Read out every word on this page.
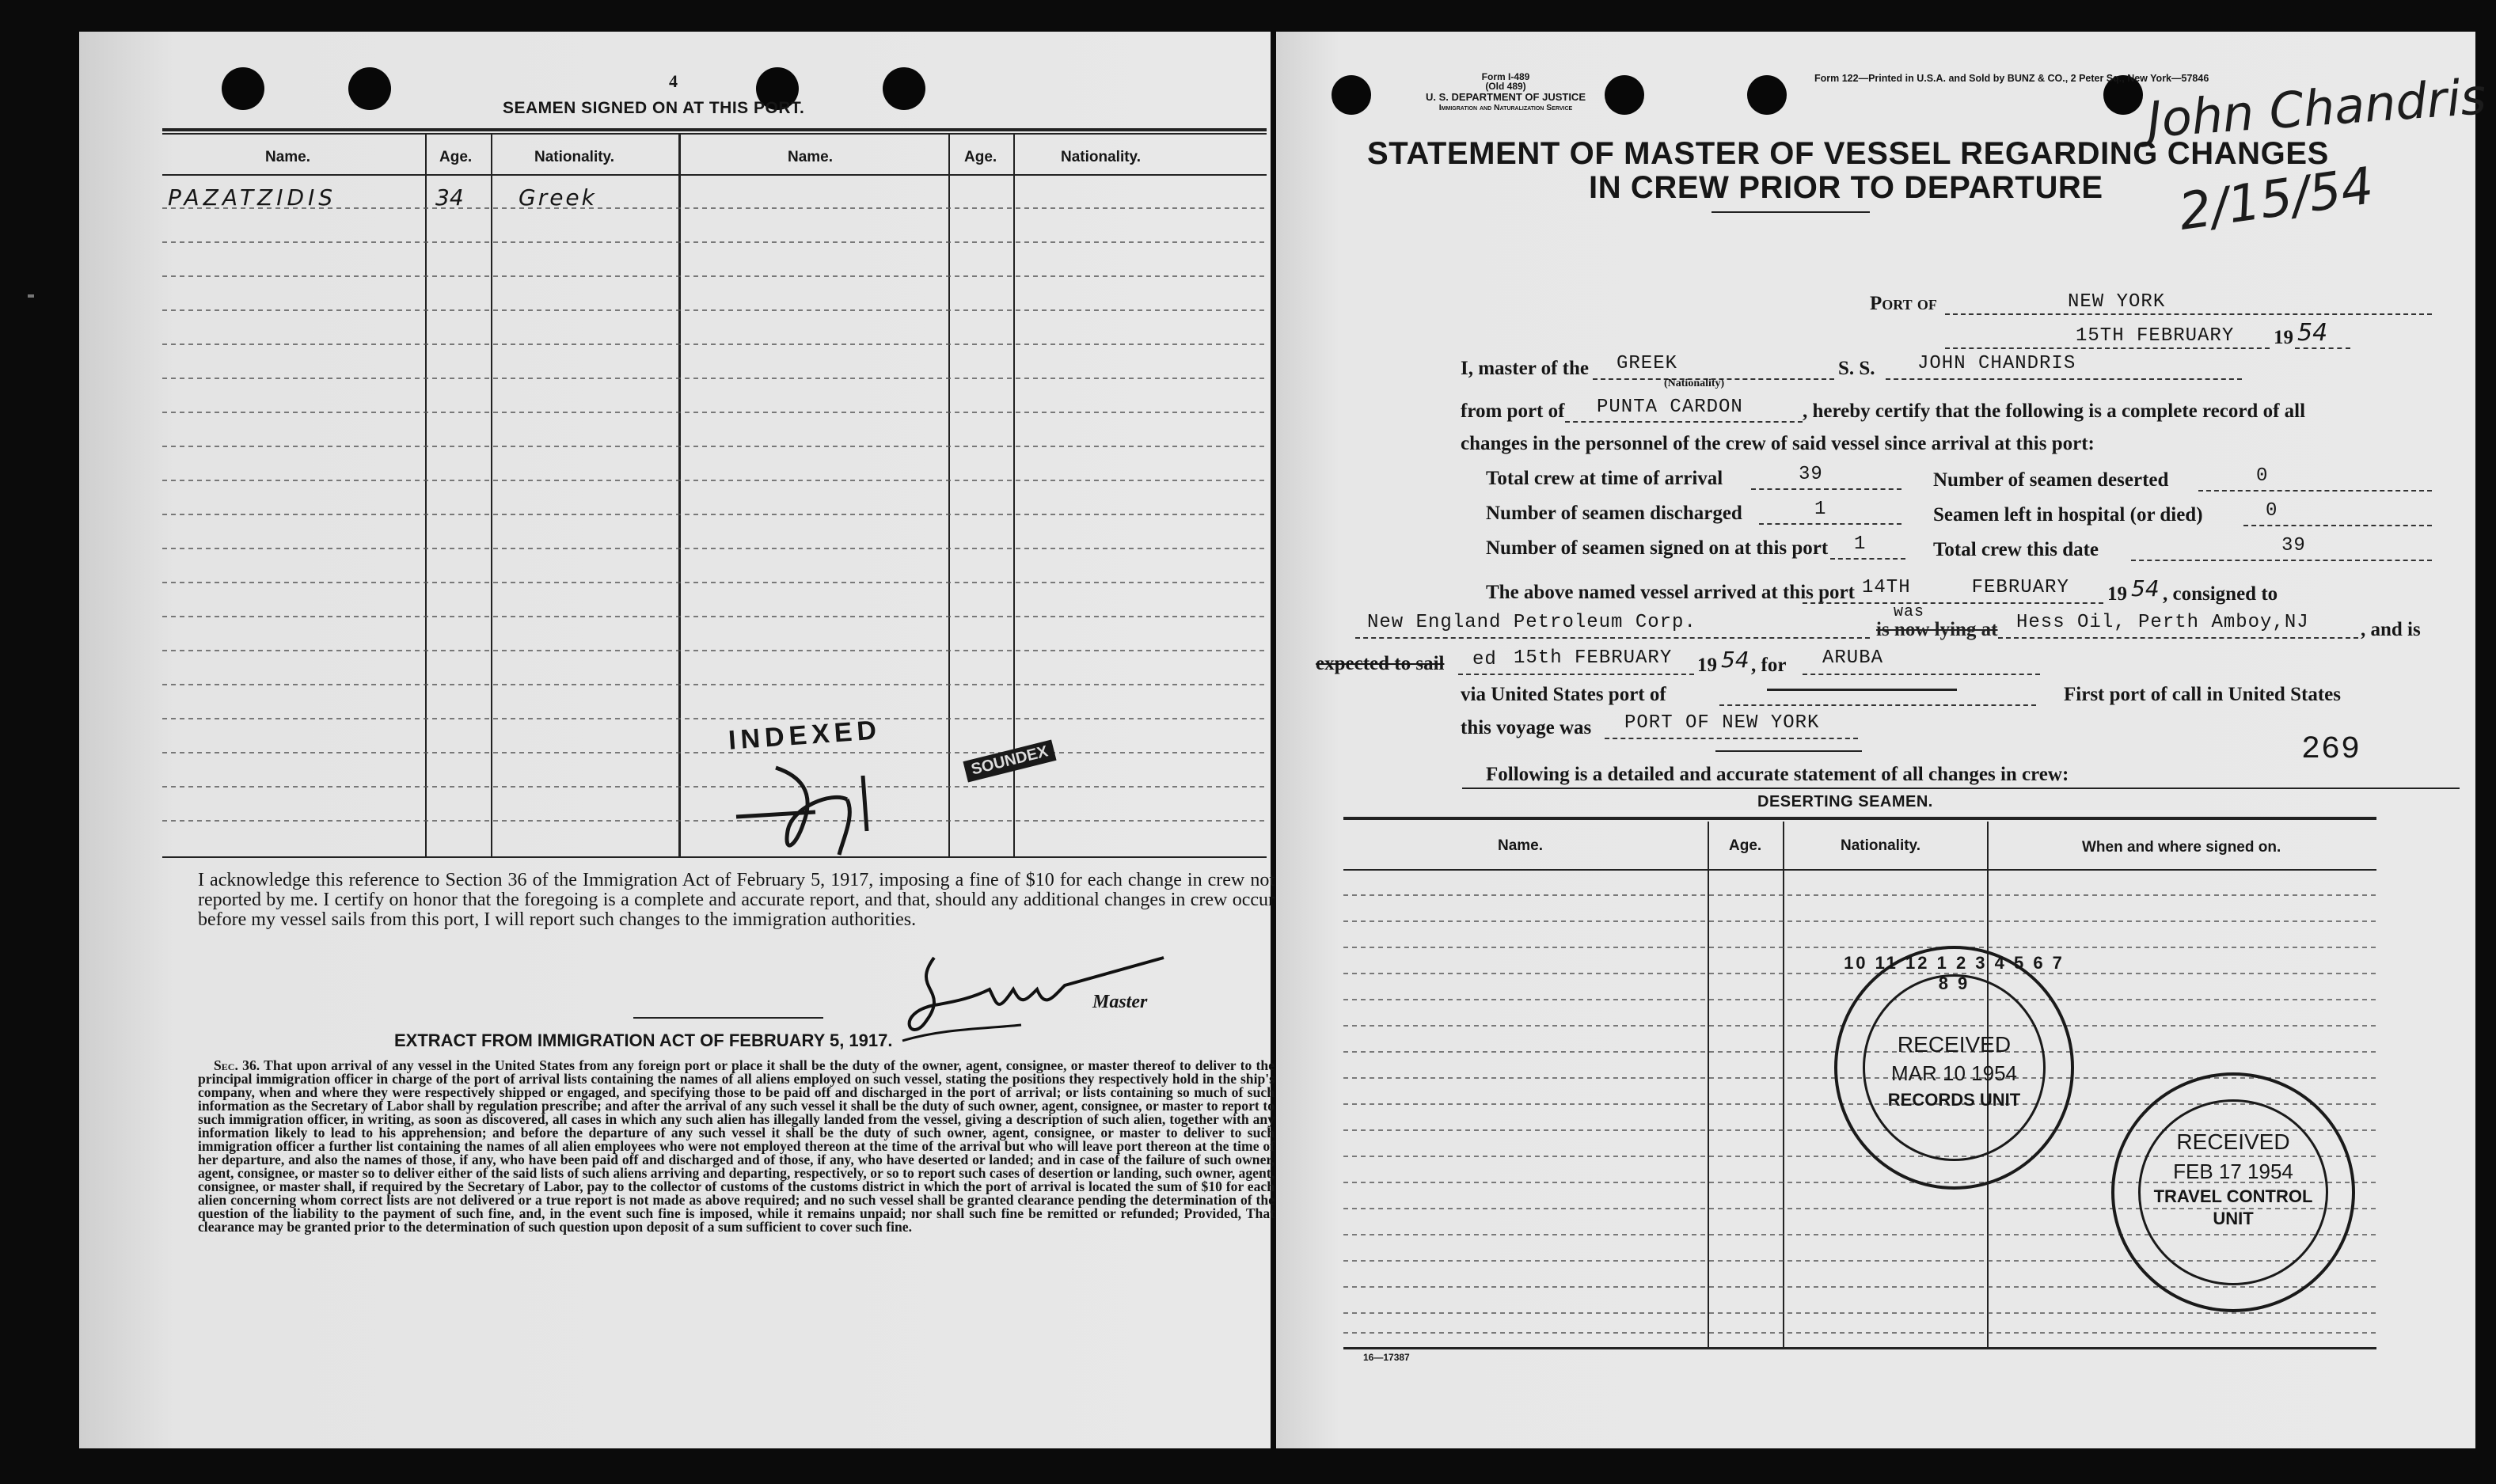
4
SEAMEN SIGNED ON AT THIS PORT.
Name.	Age.	Nationality.	Name.	Age.	Nationality.
PAZATZIDIS	34 Greek
INDEXED
SOUNDEX
I acknowledge this reference to Section 36 of the Immigration Act of February 5, 1917, imposing a fine of $10 for each change in crew not reported by me. I certify on honor that the foregoing is a complete and accurate report, and that, should any additional changes in crew occur before my vessel sails from this port, I will report such changes to the immigration authorities.
Master
EXTRACT FROM IMMIGRATION ACT OF FEBRUARY 5, 1917.
Sec. 36. That upon arrival of any vessel in the United States from any foreign port or place it shall be the duty of the owner, agent, consignee, or master thereof to deliver to the principal immigration officer in charge of the port of arrival lists containing the names of all aliens employed on such vessel, stating the positions they respectively hold in the ship's company, when and where they were respectively shipped or engaged, and specifying those to be paid off and discharged in the port of arrival; or lists containing so much of such information as the Secretary of Labor shall by regulation prescribe; and after the arrival of any such vessel it shall be the duty of such owner, agent, consignee, or master to report to such immigration officer, in writing, as soon as discovered, all cases in which any such alien has illegally landed from the vessel, giving a description of such alien, together with any information likely to lead to his apprehension; and before the departure of any such vessel it shall be the duty of such owner, agent, consignee, or master to deliver to such immigration officer a further list containing the names of all alien employees who were not employed thereon at the time of the arrival but who will leave port thereon at the time of her departure, and also the names of those, if any, who have been paid off and discharged and of those, if any, who have deserted or landed; and in case of the failure of such owner, agent, consignee, or master so to deliver either of the said lists of such aliens arriving and departing, respectively, or so to report such cases of desertion or landing, such owner, agent, consignee, or master shall, if required by the Secretary of Labor, pay to the collector of customs of the customs district in which the port of arrival is located the sum of $10 for each alien concerning whom correct lists are not delivered or a true report is not made as above required; and no such vessel shall be granted clearance pending the determination of the question of the liability to the payment of such fine, and, in the event such fine is imposed, while it remains unpaid; nor shall such fine be remitted or refunded; Provided, That clearance may be granted prior to the determination of such question upon deposit of a sum sufficient to cover such fine.
Form I-489
(Old 489)
U. S. DEPARTMENT OF JUSTICE
Immigration and Naturalization Service
Form 122—Printed in U.S.A. and Sold by BUNZ & CO., 2 Peter Sq., New York—57846
John Chandris
2/15/54
STATEMENT OF MASTER OF VESSEL REGARDING CHANGES
IN CREW PRIOR TO DEPARTURE
Port of	NEW YORK
15TH FEBRUARY 19 54
I, master of the GREEK
(Nationality)
S. S. JOHN CHANDRIS
from port of PUNTA CARDON	, hereby certify that the following is a complete record of all
changes in the personnel of the crew of said vessel since arrival at this port:
Total crew at time of arrival	39	Number of seamen deserted	0
Number of seamen discharged	1	Seamen left in hospital (or died)	0
Number of seamen signed on at this port 1	Total crew this date	39
The above named vessel arrived at this port 14TH     FEBRUARY 19 54 , consigned to
New England Petroleum Corp.	was
is now lying at Hess Oil, Perth Amboy,NJ	, and is
expected to sail ed 15th FEBRUARY 19 54 , for ARUBA
via United States port of	First port of call in United States
this voyage was PORT OF NEW YORK
269
Following is a detailed and accurate statement of all changes in crew:
DESERTING SEAMEN.
Name.	Age.	Nationality.	When and where signed on.
10 11 12 1 2 3 4 5 6 7 8 9
RECEIVED
MAR 10 1954
RECORDS UNIT
RECEIVED
FEB 17 1954
TRAVEL CONTROL
UNIT
16—17387
